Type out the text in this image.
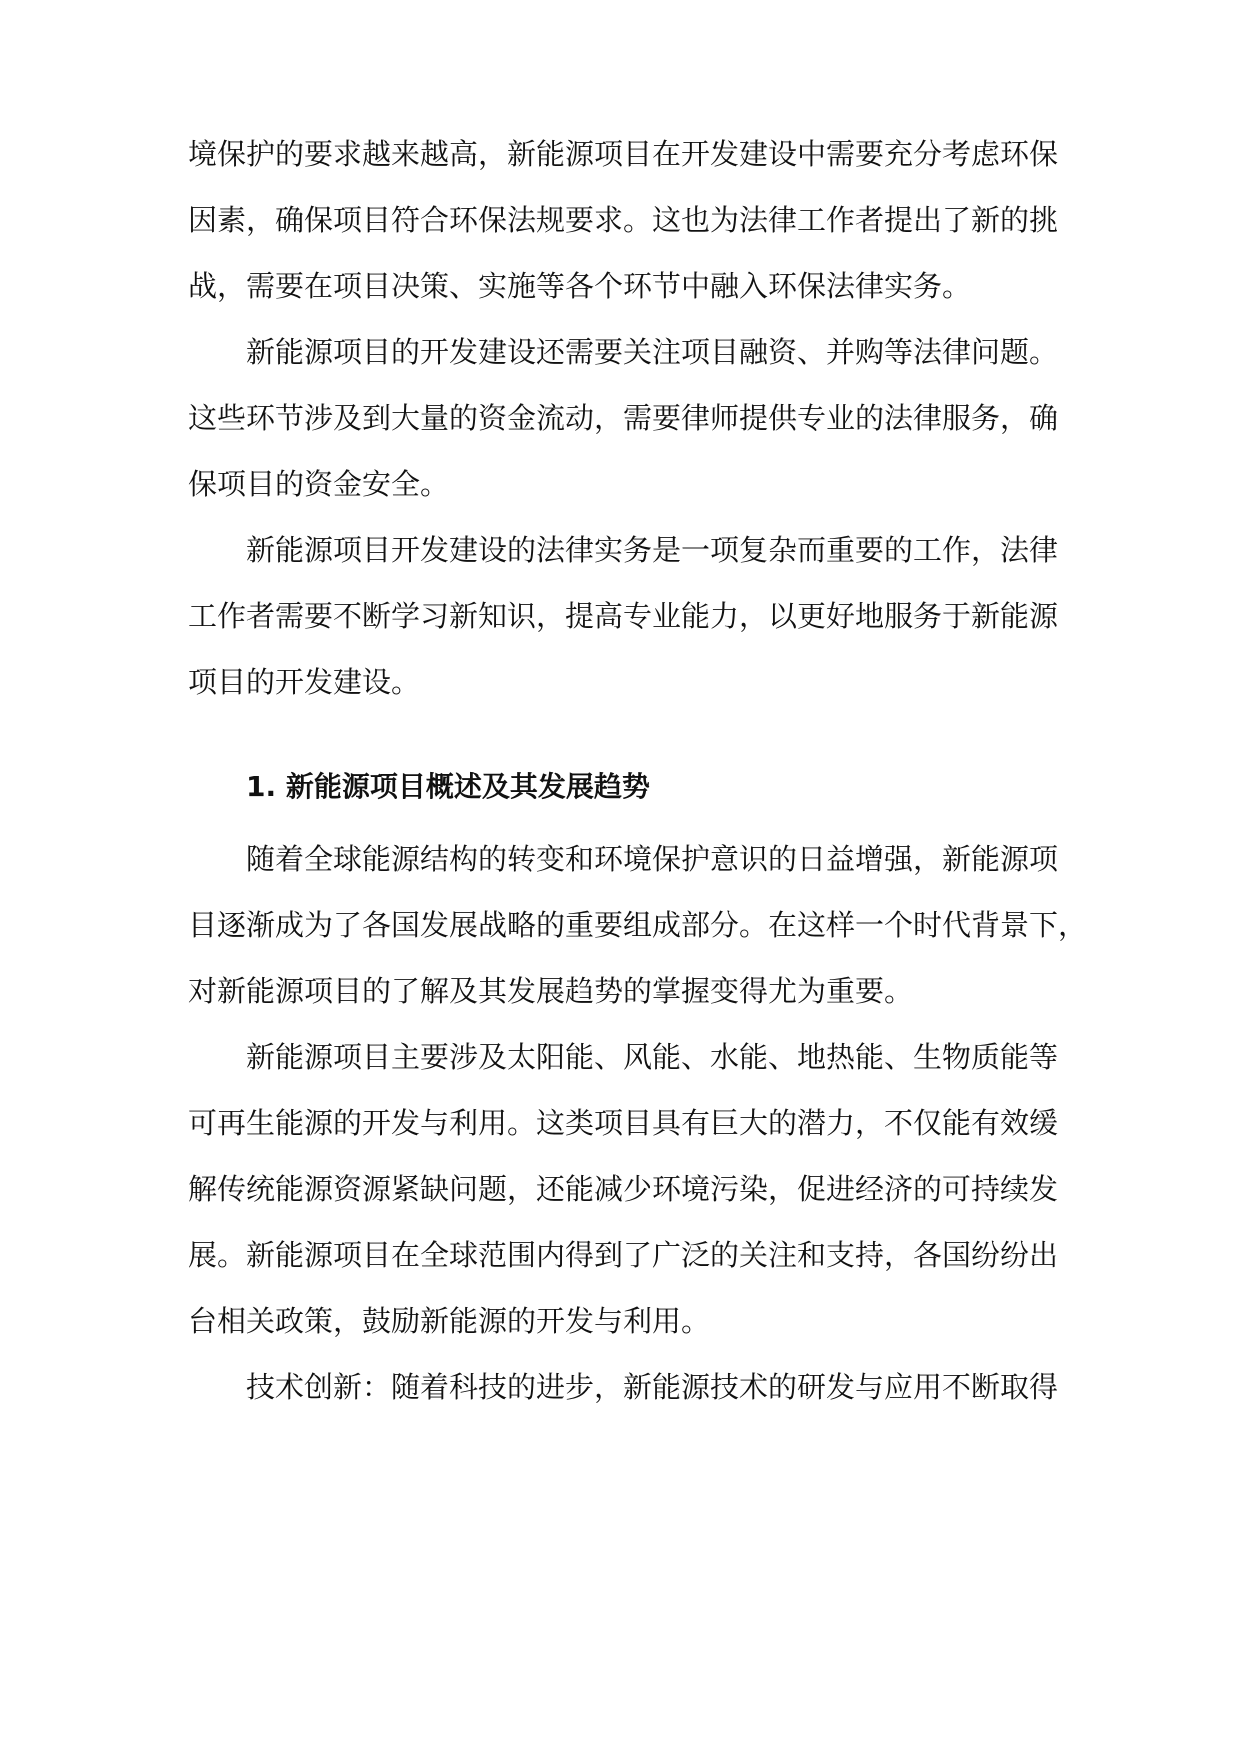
境保护的要求越来越高，新能源项目在开发建设中需要充分考虑环保
因素，确保项目符合环保法规要求。这也为法律工作者提出了新的挑
战，需要在项目决策、实施等各个环节中融入环保法律实务。
新能源项目的开发建设还需要关注项目融资、并购等法律问题。
这些环节涉及到大量的资金流动，需要律师提供专业的法律服务，确
保项目的资金安全。
新能源项目开发建设的法律实务是一项复杂而重要的工作，法律
工作者需要不断学习新知识，提高专业能力，以更好地服务于新能源
项目的开发建设。
1. 新能源项目概述及其发展趋势
随着全球能源结构的转变和环境保护意识的日益增强，新能源项
目逐渐成为了各国发展战略的重要组成部分。在这样一个时代背景下，
对新能源项目的了解及其发展趋势的掌握变得尤为重要。
新能源项目主要涉及太阳能、风能、水能、地热能、生物质能等
可再生能源的开发与利用。这类项目具有巨大的潜力，不仅能有效缓
解传统能源资源紧缺问题，还能减少环境污染，促进经济的可持续发
展。新能源项目在全球范围内得到了广泛的关注和支持，各国纷纷出
台相关政策，鼓励新能源的开发与利用。
技术创新：随着科技的进步，新能源技术的研发与应用不断取得
